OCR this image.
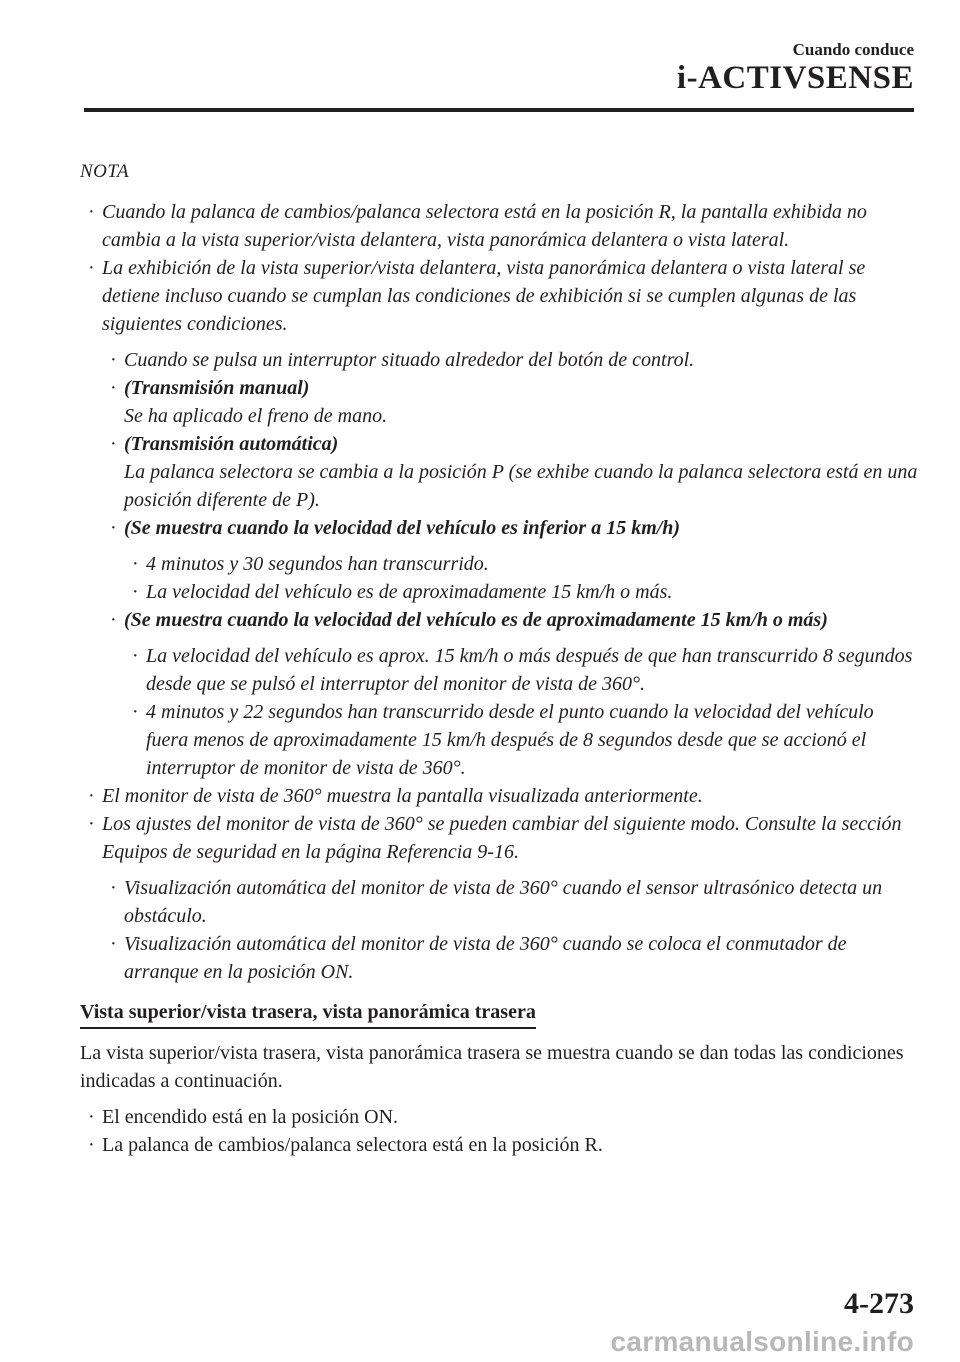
Cuando conduce
i-ACTIVSENSE
NOTA
· Cuando la palanca de cambios/palanca selectora está en la posición R, la pantalla exhibida no cambia a la vista superior/vista delantera, vista panorámica delantera o vista lateral.
· La exhibición de la vista superior/vista delantera, vista panorámica delantera o vista lateral se detiene incluso cuando se cumplan las condiciones de exhibición si se cumplen algunas de las siguientes condiciones.
· Cuando se pulsa un interruptor situado alrededor del botón de control.
· (Transmisión manual)
Se ha aplicado el freno de mano.
· (Transmisión automática)
La palanca selectora se cambia a la posición P (se exhibe cuando la palanca selectora está en una posición diferente de P).
· (Se muestra cuando la velocidad del vehículo es inferior a 15 km/h)
· 4 minutos y 30 segundos han transcurrido.
· La velocidad del vehículo es de aproximadamente 15 km/h o más.
· (Se muestra cuando la velocidad del vehículo es de aproximadamente 15 km/h o más)
· La velocidad del vehículo es aprox. 15 km/h o más después de que han transcurrido 8 segundos desde que se pulsó el interruptor del monitor de vista de 360°.
· 4 minutos y 22 segundos han transcurrido desde el punto cuando la velocidad del vehículo fuera menos de aproximadamente 15 km/h después de 8 segundos desde que se accionó el interruptor de monitor de vista de 360°.
· El monitor de vista de 360° muestra la pantalla visualizada anteriormente.
· Los ajustes del monitor de vista de 360° se pueden cambiar del siguiente modo. Consulte la sección Equipos de seguridad en la página Referencia 9-16.
· Visualización automática del monitor de vista de 360° cuando el sensor ultrasónico detecta un obstáculo.
· Visualización automática del monitor de vista de 360° cuando se coloca el conmutador de arranque en la posición ON.
Vista superior/vista trasera, vista panorámica trasera
La vista superior/vista trasera, vista panorámica trasera se muestra cuando se dan todas las condiciones indicadas a continuación.
· El encendido está en la posición ON.
· La palanca de cambios/palanca selectora está en la posición R.
4-273
carmanualsonline.info
